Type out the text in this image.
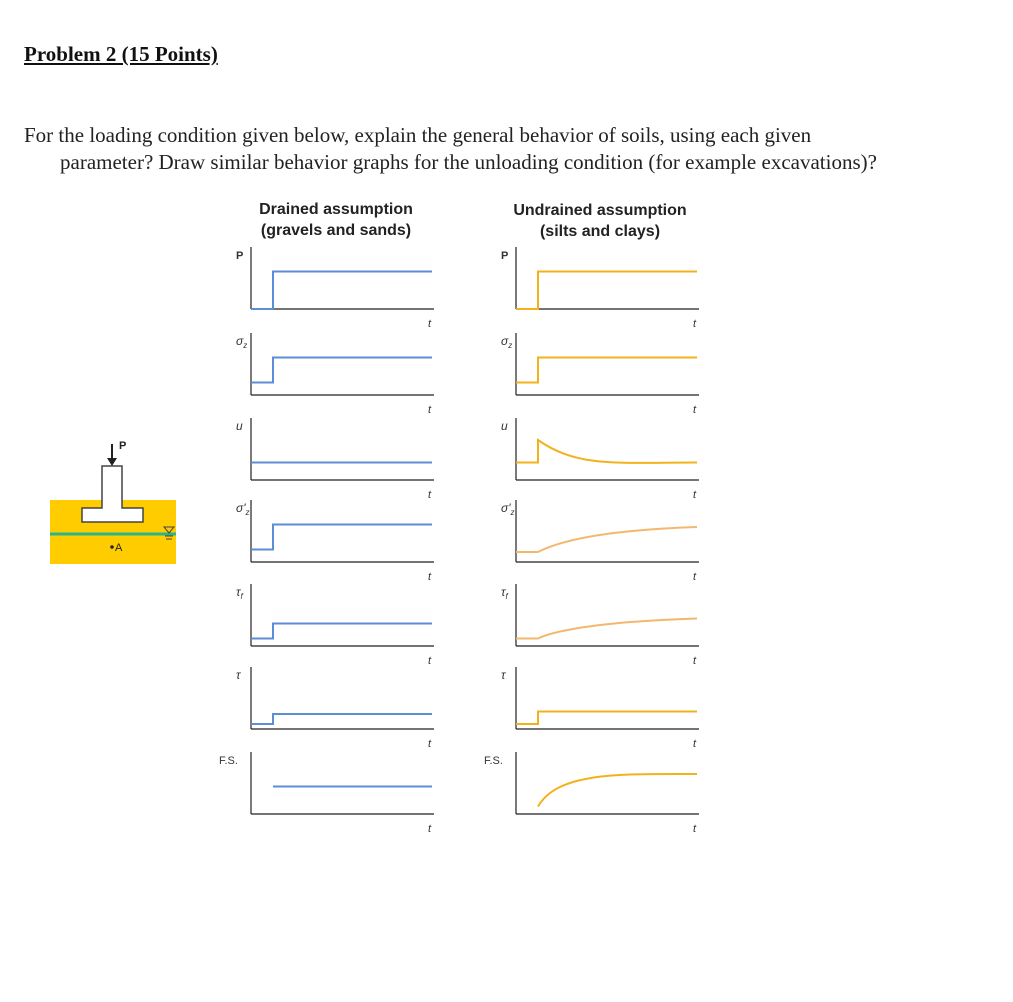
Problem 2 (15 Points)
For the loading condition given below, explain the general behavior of soils, using each given
parameter? Draw similar behavior graphs for the unloading condition (for example excavations)?
Drained assumption
(gravels and sands)
Undrained assumption
(silts and clays)
P
A
P
t
$\sigma_z$
t
u
t
$\sigma'_z$
t
$\tau_f$
t
τ
t
F.S.
t
P
t
$\sigma_z$
t
u
t
$\sigma'_z$
t
$\tau_f$
t
τ
t
F.S.
t
